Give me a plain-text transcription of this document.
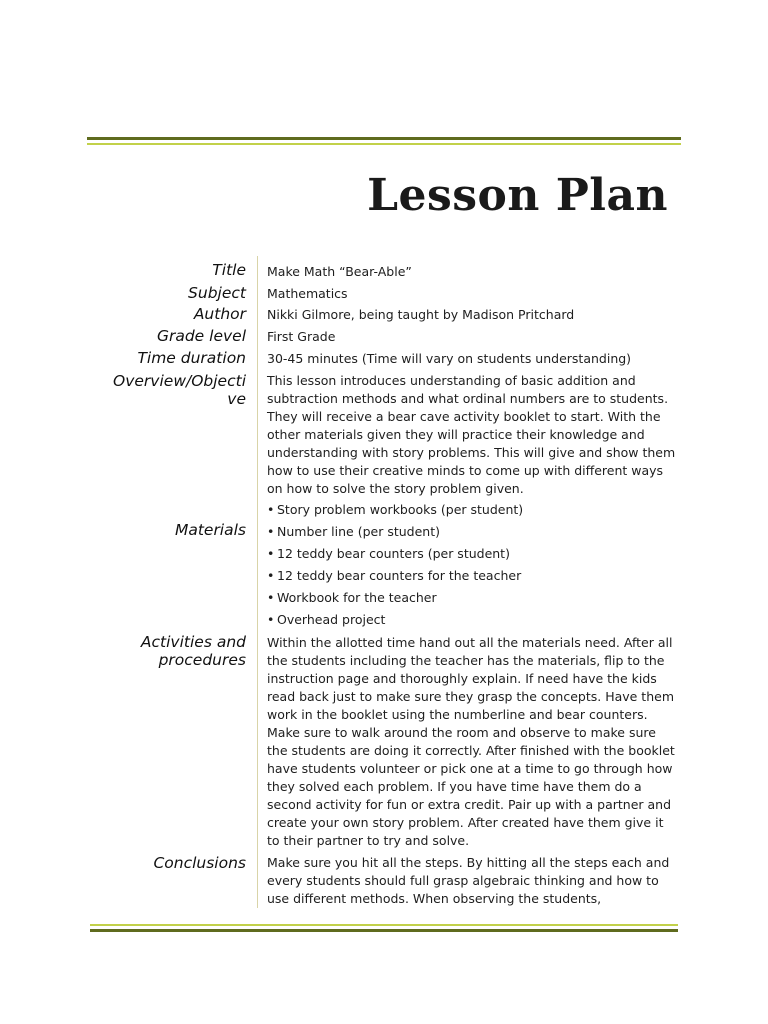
Lesson Plan
Title Make Math “Bear-Able”
Subject Mathematics
Author Nikki Gilmore, being taught by Madison Pritchard
Grade level First Grade
Time duration 30-45 minutes (Time will vary on students understanding)
Overview/Objecti
ve
This lesson introduces understanding of basic addition and subtraction methods and what ordinal numbers are to students. They will receive a bear cave activity booklet to start. With the other materials given they will practice their knowledge and understanding with story problems. This will give and show them how to use their creative minds to come up with different ways on how to solve the story problem given.
Materials
• Story problem workbooks (per student)
• Number line (per student)
• 12 teddy bear counters (per student)
• 12 teddy bear counters for the teacher
• Workbook for the teacher
• Overhead project
Activities and
procedures
Within the allotted time hand out all the materials need. After all the students including the teacher has the materials, flip to the instruction page and thoroughly explain. If need have the kids read back just to make sure they grasp the concepts. Have them work in the booklet using the numberline and bear counters. Make sure to walk around the room and observe to make sure the students are doing it correctly. After finished with the booklet have students volunteer or pick one at a time to go through how they solved each problem. If you have time have them do a second activity for fun or extra credit. Pair up with a partner and create your own story problem. After created have them give it to their partner to try and solve.
Conclusions Make sure you hit all the steps. By hitting all the steps each and every students should full grasp algebraic thinking and how to use different methods. When observing the students,
